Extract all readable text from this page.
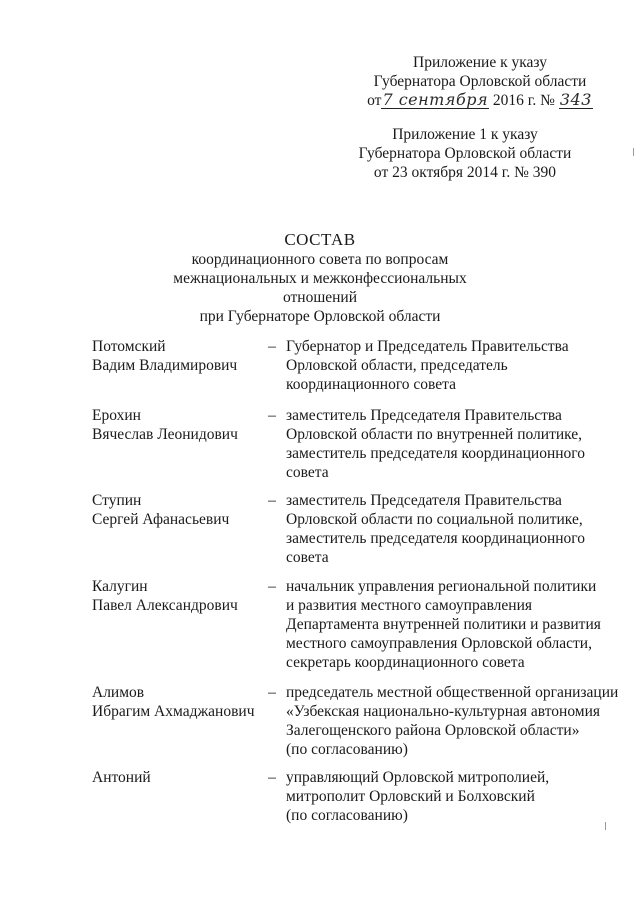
Приложение к указу
Губернатора Орловской области
от7 сентября 2016 г. № 343
Приложение 1 к указу
Губернатора Орловской области
от 23 октября 2014 г. № 390
СОСТАВ
координационного совета по вопросам
межнациональных и межконфессиональных отношений
при Губернаторе Орловской области
Потомский
Вадим Владимирович
– Губернатор и Председатель Правительства
Орловской области, председатель
координационного совета
Ерохин
Вячеслав Леонидович
– заместитель Председателя Правительства
Орловской области по внутренней политике,
заместитель председателя координационного
совета
Ступин
Сергей Афанасьевич
– заместитель Председателя Правительства
Орловской области по социальной политике,
заместитель председателя координационного
совета
Калугин
Павел Александрович
– начальник управления региональной политики
и развития местного самоуправления
Департамента внутренней политики и развития
местного самоуправления Орловской области,
секретарь координационного совета
Алимов
Ибрагим Ахмаджанович
– председатель местной общественной организации
«Узбекская национально-культурная автономия
Залегощенского района Орловской области»
(по согласованию)
Антоний	– управляющий Орловской митрополией,
митрополит Орловский и Болховский
(по согласованию)
